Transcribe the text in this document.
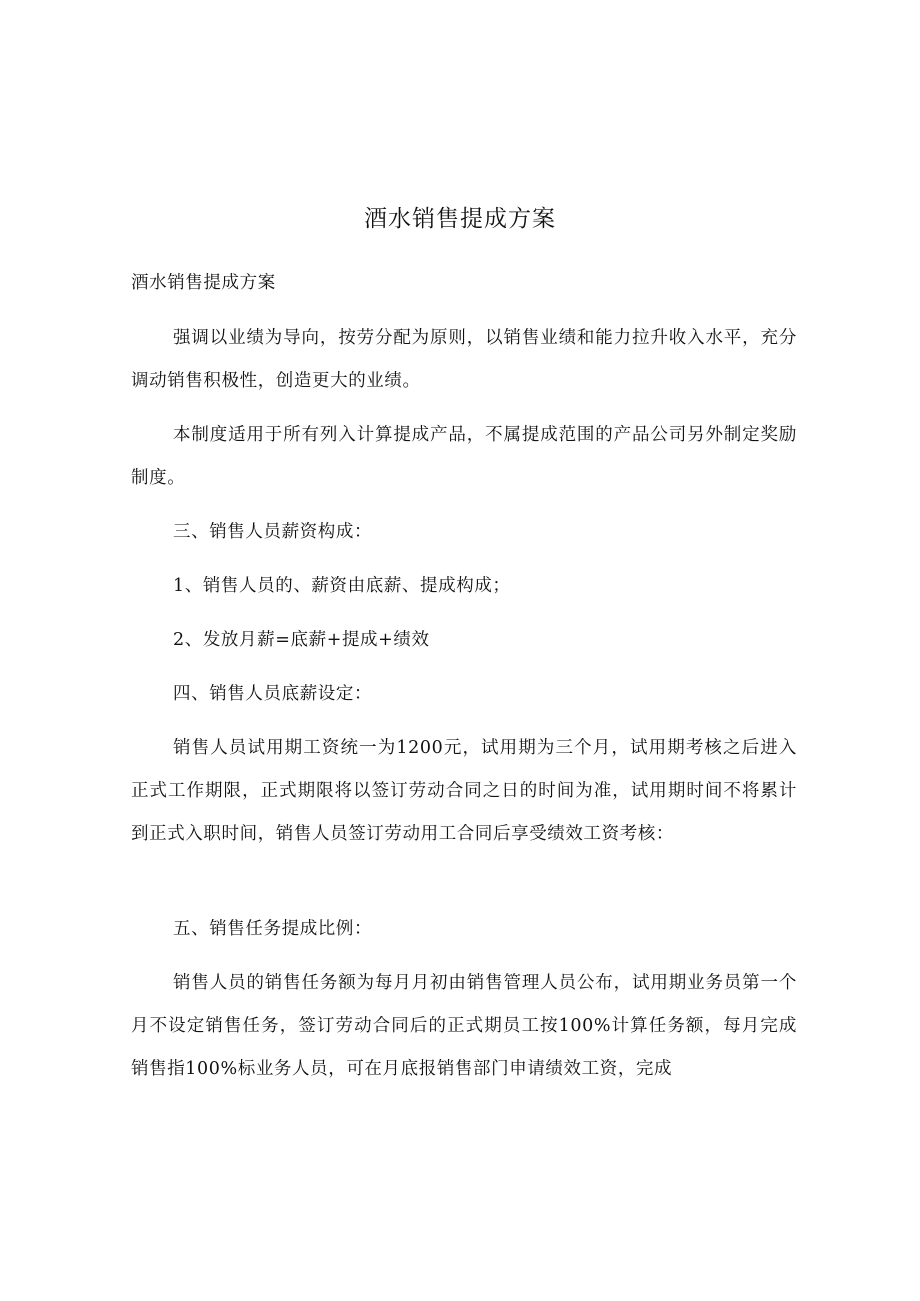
酒水销售提成方案

酒水销售提成方案

强调以业绩为导向，按劳分配为原则，以销售业绩和能力拉升收入水平，充分调动销售积极性，创造更大的业绩。

本制度适用于所有列入计算提成产品，不属提成范围的产品公司另外制定奖励制度。

三、销售人员薪资构成：

1、销售人员的、薪资由底薪、提成构成；

2、发放月薪=底薪+提成+绩效

四、销售人员底薪设定：

销售人员试用期工资统一为1200元，试用期为三个月，试用期考核之后进入正式工作期限，正式期限将以签订劳动合同之日的时间为准，试用期时间不将累计到正式入职时间，销售人员签订劳动用工合同后享受绩效工资考核：

五、销售任务提成比例：

销售人员的销售任务额为每月月初由销售管理人员公布，试用期业务员第一个月不设定销售任务，签订劳动合同后的正式期员工按100%计算任务额，每月完成销售指100%标业务人员，可在月底报销售部门申请绩效工资，完成
